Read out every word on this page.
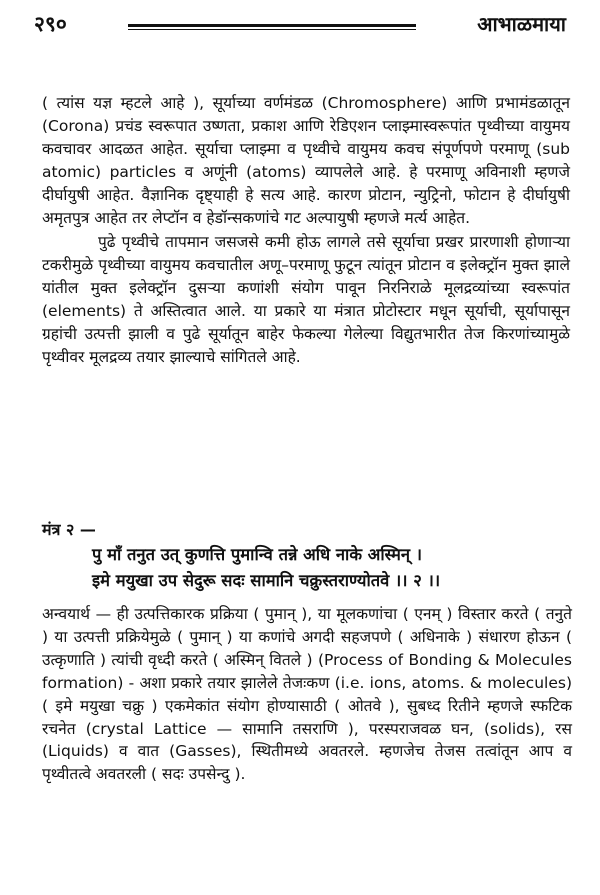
२९०	आभाळमाया

( त्यांस यज्ञ म्हटले आहे ), सूर्याच्या वर्णमंडळ (Chromosphere) आणि प्रभामंडळातून (Corona) प्रचंड स्वरूपात उष्णता, प्रकाश आणि रेडिएशन प्लाझ्मास्वरूपांत पृथ्वीच्या वायुमय कवचावर आदळत आहेत. सूर्याचा प्लाझ्मा व पृथ्वीचे वायुमय कवच संपूर्णपणे परमाणू (sub atomic) particles व अणूंनी (atoms) व्यापलेले आहे. हे परमाणू अविनाशी म्हणजे दीर्घायुषी आहेत. वैज्ञानिक दृष्ट्याही हे सत्य आहे. कारण प्रोटान, न्युट्रिनो, फोटान हे दीर्घायुषी अमृतपुत्र आहेत तर लेप्टॉन व हेडॉन्सकणांचे गट अल्पायुषी म्हणजे मर्त्य आहेत.

पुढे पृथ्वीचे तापमान जसजसे कमी होऊ लागले तसे सूर्याचा प्रखर प्रारणाशी होणाऱ्या टकरीमुळे पृथ्वीच्या वायुमय कवचातील अणू–परमाणू फुटून त्यांतून प्रोटान व इलेक्ट्रॉन मुक्त झाले यांतील मुक्त इलेक्ट्रॉन दुसऱ्या कणांशी संयोग पावून निरनिराळे मूलद्रव्यांच्या स्वरूपांत (elements) ते अस्तित्वात आले. या प्रकारे या मंत्रात प्रोटोस्टार मधून सूर्याची, सूर्यापासून ग्रहांची उत्पत्ती झाली व पुढे सूर्यातून बाहेर फेकल्या गेलेल्या विद्युतभारीत तेज किरणांच्यामुळे पृथ्वीवर मूलद्रव्य तयार झाल्याचे सांगितले आहे.

मंत्र २ —
पु माँ तनुत उत् कुणत्ति पुमान्वि तन्ने अधि नाके अस्मिन् ।
इमे मयुखा उप सेदुरू सदः सामानि चक्रुस्तराण्योतवे ।। २ ।।

अन्वयार्थ — ही उत्पत्तिकारक प्रक्रिया ( पुमान् ), या मूलकणांचा ( एनम् ) विस्तार करते ( तनुते ) या उत्पत्ती प्रक्रियेमुळे ( पुमान् ) या कणांचे अगदी सहजपणे ( अधिनाके ) संधारण होऊन ( उत्कृणाति ) त्यांची वृध्दी करते ( अस्मिन् वितले ) (Process of Bonding & Molecules formation) - अशा प्रकारे तयार झालेले तेजःकण (i.e. ions, atoms. & molecules) ( इमे मयुखा चक्रु ) एकमेकांत संयोग होण्यासाठी ( ओतवे ), सुबध्द रितीने म्हणजे स्फटिक रचनेत (crystal Lattice — सामानि तसराणि ), परस्पराजवळ घन, (solids), रस (Liquids) व वात (Gasses), स्थितीमध्ये अवतरले. म्हणजेच तेजस तत्वांतून आप व पृथ्वीतत्वे अवतरली ( सदः उपसेन्दु ).
